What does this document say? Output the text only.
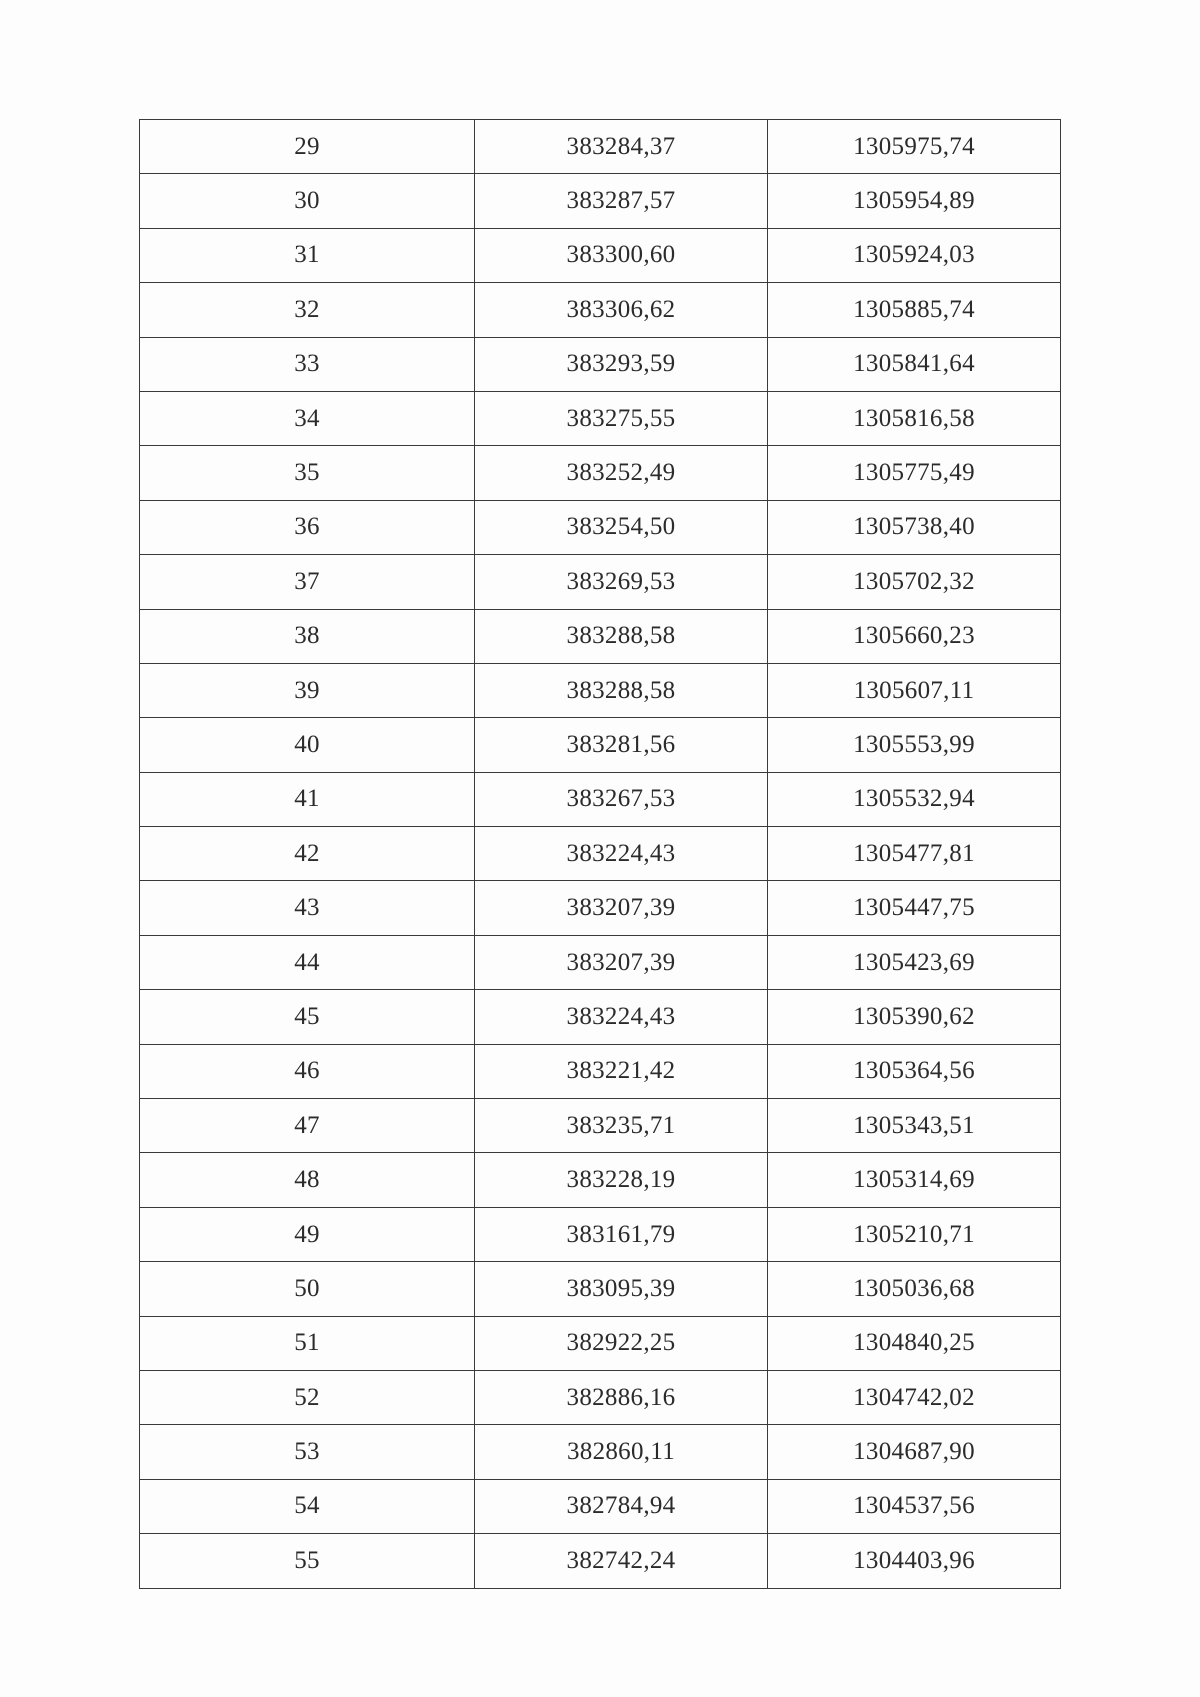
29	383284,37	1305975,74
30	383287,57	1305954,89
31	383300,60	1305924,03
32	383306,62	1305885,74
33	383293,59	1305841,64
34	383275,55	1305816,58
35	383252,49	1305775,49
36	383254,50	1305738,40
37	383269,53	1305702,32
38	383288,58	1305660,23
39	383288,58	1305607,11
40	383281,56	1305553,99
41	383267,53	1305532,94
42	383224,43	1305477,81
43	383207,39	1305447,75
44	383207,39	1305423,69
45	383224,43	1305390,62
46	383221,42	1305364,56
47	383235,71	1305343,51
48	383228,19	1305314,69
49	383161,79	1305210,71
50	383095,39	1305036,68
51	382922,25	1304840,25
52	382886,16	1304742,02
53	382860,11	1304687,90
54	382784,94	1304537,56
55	382742,24	1304403,96
